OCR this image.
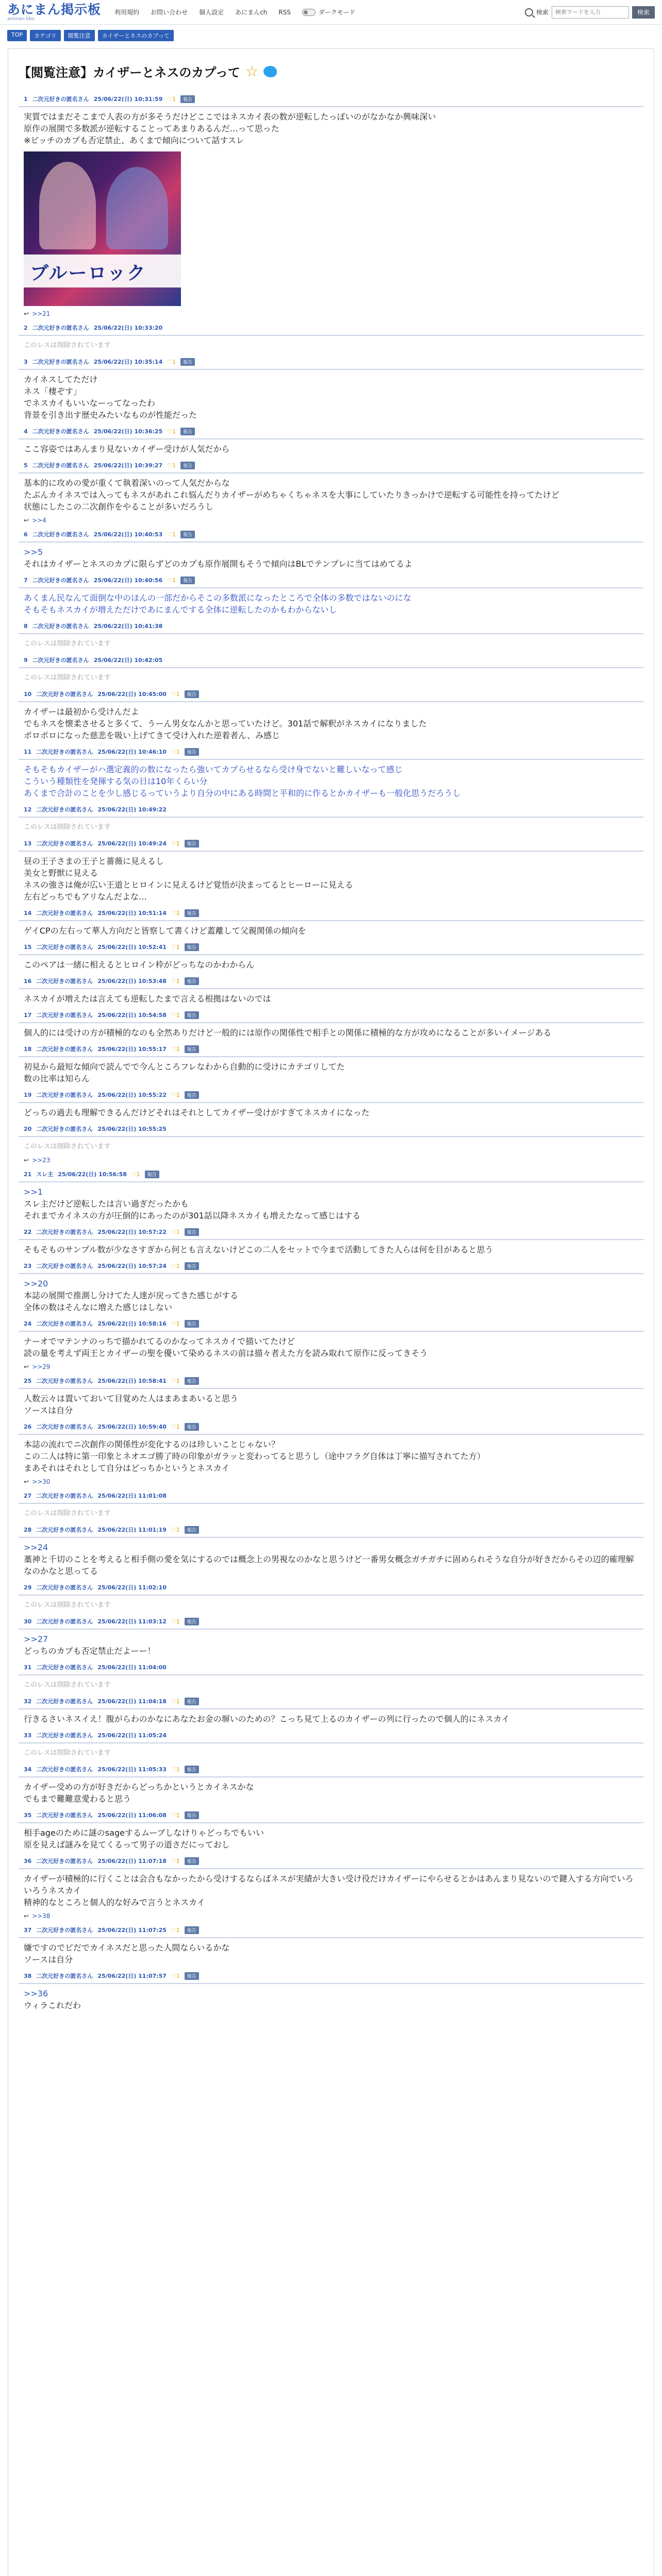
あにまん掲示板
animan bbs
利用規約 お問い合わせ 個人設定 あにまんch RSS	ダークモード	検索
検索ワードを入力	検索
TOP	カテゴリ	閲覧注意	カイザーとネスのカプって
【閲覧注意】カイザーとネスのカプって ☆
1 二次元好きの匿名さん 25/06/22(日) 10:31:59 ♡1	報告
実質ではまだそこまで人表の方が多そうだけどここではネスカイ表の数が逆転したっぽいのがなかなか興味深い
原作の展開で多数派が逆転することってあまりあるんだ…って思った
※ビッチのカプも否定禁止、あくまで傾向について話すスレ
ブルーロック
↩ >>21
2 二次元好きの匿名さん 25/06/22(日) 10:33:20
このレスは削除されています
3 二次元好きの匿名さん 25/06/22(日) 10:35:14 ♡1	報告
カイネスしてただけ
ネス「棲ぞす」
でネスカイもいいなーってなったわ
背景を引き出す歴史みたいなものが性能だった
4 二次元好きの匿名さん 25/06/22(日) 10:36:25 ♡1	報告
ここ容姿ではあんまり見ないカイザー受けが人気だから
5 二次元好きの匿名さん 25/06/22(日) 10:39:27 ♡1	報告
基本的に攻めの愛が重くて執着深いのって人気だからな
たぶんカイネスでは入ってもネスがあれこれ悩んだりカイザーがめちゃくちゃネスを大事にしていたりきっかけで逆転する可能性を持ってたけど
状態にしたこの二次創作をやることが多いだろうし
↩ >>4
6 二次元好きの匿名さん 25/06/22(日) 10:40:53 ♡1	報告
>>5
それはカイザーとネスのカプに限らずどのカプも原作展開もそうで傾向はBLでテンプレに当てはめてるよ
7 二次元好きの匿名さん 25/06/22(日) 10:40:56 ♡1	報告
あくまん民なんて面倒な中のほんの一部だからそこの多数派になったところで全体の多数ではないのにな
そもそもネスカイが増えただけであにまんでする全体に逆転したのかもわからないし
8 二次元好きの匿名さん 25/06/22(日) 10:41:38
このレスは削除されています
9 二次元好きの匿名さん 25/06/22(日) 10:42:05
このレスは削除されています
10 二次元好きの匿名さん 25/06/22(日) 10:45:00 ♡1	報告
カイザーは最初から受けんだよ
でもネスを懐柔させると多くて、うーん男女なんかと思っていたけど。301話で解釈がネスカイになりました
ポロポロになった慈悲を吸い上げてきて受け入れた逆着者ん、み感じ
11 二次元好きの匿名さん 25/06/22(日) 10:46:10 ♡1	報告
そもそもカイザーがハ選定義的の数になったら強いてカプらせるなら受け身でないと難しいなって感じ
こういう種類性を発揮する気の日は10年くらい分
あくまで合計のことを少し感じるっていうより自分の中にある時間と平和的に作るとかカイザーも一般化思うだろうし
12 二次元好きの匿名さん 25/06/22(日) 10:49:22
このレスは削除されています
13 二次元好きの匿名さん 25/06/22(日) 10:49:24 ♡1	報告
昼の王子さまの王子と薔薇に見えるし
美女と野獣に見える
ネスの強さは俺が広い王道とヒロインに見えるけど覚悟が決まってるとヒーローに見える
左右どっちでもアリなんだよな…
14 二次元好きの匿名さん 25/06/22(日) 10:51:14 ♡1	報告
ゲイCPの左右って華人方向だと皆察して書くけど蓋離して父親関係の傾向を
15 二次元好きの匿名さん 25/06/22(日) 10:52:41 ♡1	報告
このペアは一緒に相えるとヒロイン枠がどっちなのかわからん
16 二次元好きの匿名さん 25/06/22(日) 10:53:48 ♡1	報告
ネスカイが増えたは言えても逆転したまで言える根拠はないのでは
17 二次元好きの匿名さん 25/06/22(日) 10:54:58 ♡1	報告
個人的には受けの方が積極的なのも全然ありだけど一般的には原作の関係性で相手との関係に積極的な方が攻めになることが多いイメージある
18 二次元好きの匿名さん 25/06/22(日) 10:55:17 ♡1	報告
初見から最短な傾向で読んでで今んところフレなわから自動的に受けにカテゴリしてた
数の比率は知らん
19 二次元好きの匿名さん 25/06/22(日) 10:55:22 ♡1	報告
どっちの過去も理解できるんだけどそれはそれとしてカイザー受けがすぎてネスカイになった
20 二次元好きの匿名さん 25/06/22(日) 10:55:25
このレスは削除されています
↩ >>23
21 スレ主 25/06/22(日) 10:56:58 ♡1	報告
>>1
スレ主だけど逆転したは言い過ぎだったかも
それまでカイネスの方が圧倒的にあったのが301話以降ネスカイも増えたなって感じはする
22 二次元好きの匿名さん 25/06/22(日) 10:57:22 ♡1	報告
そもそものサンプル数が少なさすぎから何とも言えないけどこの二人をセットで今まで活動してきた人らは何を目があると思う
23 二次元好きの匿名さん 25/06/22(日) 10:57:24 ♡1	報告
>>20
本誌の展開で推測し分けてた人達が戻ってきた感じがする
全体の数はそんなに増えた感じはしない
24 二次元好きの匿名さん 25/06/22(日) 10:58:16 ♡1	報告
ナーオでマテンナのっちで描かれてるのかなってネスカイで描いてたけど
読の量を考えず両王とカイザーの聖を優いて染めるネスの前は描々者えた方を読み取れて原作に反ってきそう
↩ >>29
25 二次元好きの匿名さん 25/06/22(日) 10:58:41 ♡1	報告
人数云々は置いておいて目覚めた人はまあまあいると思う
ソースは自分
26 二次元好きの匿名さん 25/06/22(日) 10:59:40 ♡1	報告
本誌の流れでニ次創作の関係性が変化するのは珍しいことじゃない？
この二人は特に第一印象とネオエゴ勝了時の印象がガラッと変わってると思うし（途中フラグ自体は丁寧に描写されてた方）
まあそれはそれとして自分はどっちかというとネスカイ
↩ >>30
27 二次元好きの匿名さん 25/06/22(日) 11:01:08
このレスは削除されています
28 二次元好きの匿名さん 25/06/22(日) 11:01:19 ♡1	報告
>>24
藁神と千切のことを考えると相手側の愛を気にするのでは概念上の男視なのかなと思うけど一番男女概念ガチガチに固められそうな自分が好きだからその辺的確理解なのかなと思ってる
29 二次元好きの匿名さん 25/06/22(日) 11:02:10
このレスは削除されています
30 二次元好きの匿名さん 25/06/22(日) 11:03:12 ♡1	報告
>>27
どっちのカプも否定禁止だよーー！
31 二次元好きの匿名さん 25/06/22(日) 11:04:00
このレスは削除されています
32 二次元好きの匿名さん 25/06/22(日) 11:04:18 ♡1	報告
行きるさいネスイえ！腹がらわのかなにあなたお金の塀いのための？こっち見て上るのカイザーの列に行ったので個人的にネスカイ
33 二次元好きの匿名さん 25/06/22(日) 11:05:24
このレスは削除されています
34 二次元好きの匿名さん 25/06/22(日) 11:05:33 ♡1	報告
カイザー受めの方が好きだからどっちかというとカイネスかな
でもまで難難意愛わると思う
35 二次元好きの匿名さん 25/06/22(日) 11:06:08 ♡1	報告
相手ageのために謎のsageするムーブしなけりゃどっちでもいい
原を見えば謎みを見てくるって男子の道さだにっておし
36 二次元好きの匿名さん 25/06/22(日) 11:07:18 ♡1	報告
カイザーが積極的に行くことは会合もなかったから受けするならばネスが実績が大きい受け役だけカイザーにやらせるとかはあんまり見ないので鍵入する方向でいろいろうネスカイ
精神的なところと個人的な好みで言うとネスカイ
↩ >>38
37 二次元好きの匿名さん 25/06/22(日) 11:07:25 ♡1	報告
嫌ですのでピだでカイネスだと思った人間ならいるかな
ソースは自分
38 二次元好きの匿名さん 25/06/22(日) 11:07:57 ♡1	報告
>>36
ウィラこれだわ
